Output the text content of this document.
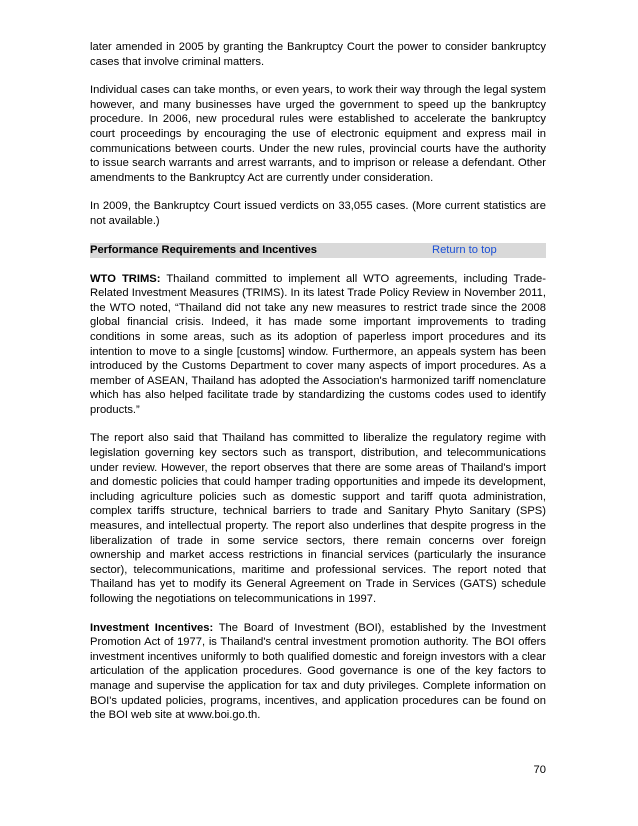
later amended in 2005 by granting the Bankruptcy Court the power to consider bankruptcy cases that involve criminal matters.

Individual cases can take months, or even years, to work their way through the legal system however, and many businesses have urged the government to speed up the bankruptcy procedure. In 2006, new procedural rules were established to accelerate the bankruptcy court proceedings by encouraging the use of electronic equipment and express mail in communications between courts. Under the new rules, provincial courts have the authority to issue search warrants and arrest warrants, and to imprison or release a defendant. Other amendments to the Bankruptcy Act are currently under consideration.

In 2009, the Bankruptcy Court issued verdicts on 33,055 cases. (More current statistics are not available.)

Performance Requirements and Incentives	Return to top

WTO TRIMS: Thailand committed to implement all WTO agreements, including Trade-Related Investment Measures (TRIMS). In its latest Trade Policy Review in November 2011, the WTO noted, “Thailand did not take any new measures to restrict trade since the 2008 global financial crisis. Indeed, it has made some important improvements to trading conditions in some areas, such as its adoption of paperless import procedures and its intention to move to a single [customs] window. Furthermore, an appeals system has been introduced by the Customs Department to cover many aspects of import procedures. As a member of ASEAN, Thailand has adopted the Association's harmonized tariff nomenclature which has also helped facilitate trade by standardizing the customs codes used to identify products.”

The report also said that Thailand has committed to liberalize the regulatory regime with legislation governing key sectors such as transport, distribution, and telecommunications under review. However, the report observes that there are some areas of Thailand's import and domestic policies that could hamper trading opportunities and impede its development, including agriculture policies such as domestic support and tariff quota administration, complex tariffs structure, technical barriers to trade and Sanitary Phyto Sanitary (SPS) measures, and intellectual property. The report also underlines that despite progress in the liberalization of trade in some service sectors, there remain concerns over foreign ownership and market access restrictions in financial services (particularly the insurance sector), telecommunications, maritime and professional services. The report noted that Thailand has yet to modify its General Agreement on Trade in Services (GATS) schedule following the negotiations on telecommunications in 1997.

Investment Incentives: The Board of Investment (BOI), established by the Investment Promotion Act of 1977, is Thailand's central investment promotion authority. The BOI offers investment incentives uniformly to both qualified domestic and foreign investors with a clear articulation of the application procedures. Good governance is one of the key factors to manage and supervise the application for tax and duty privileges. Complete information on BOI's updated policies, programs, incentives, and application procedures can be found on the BOI web site at www.boi.go.th.

70
